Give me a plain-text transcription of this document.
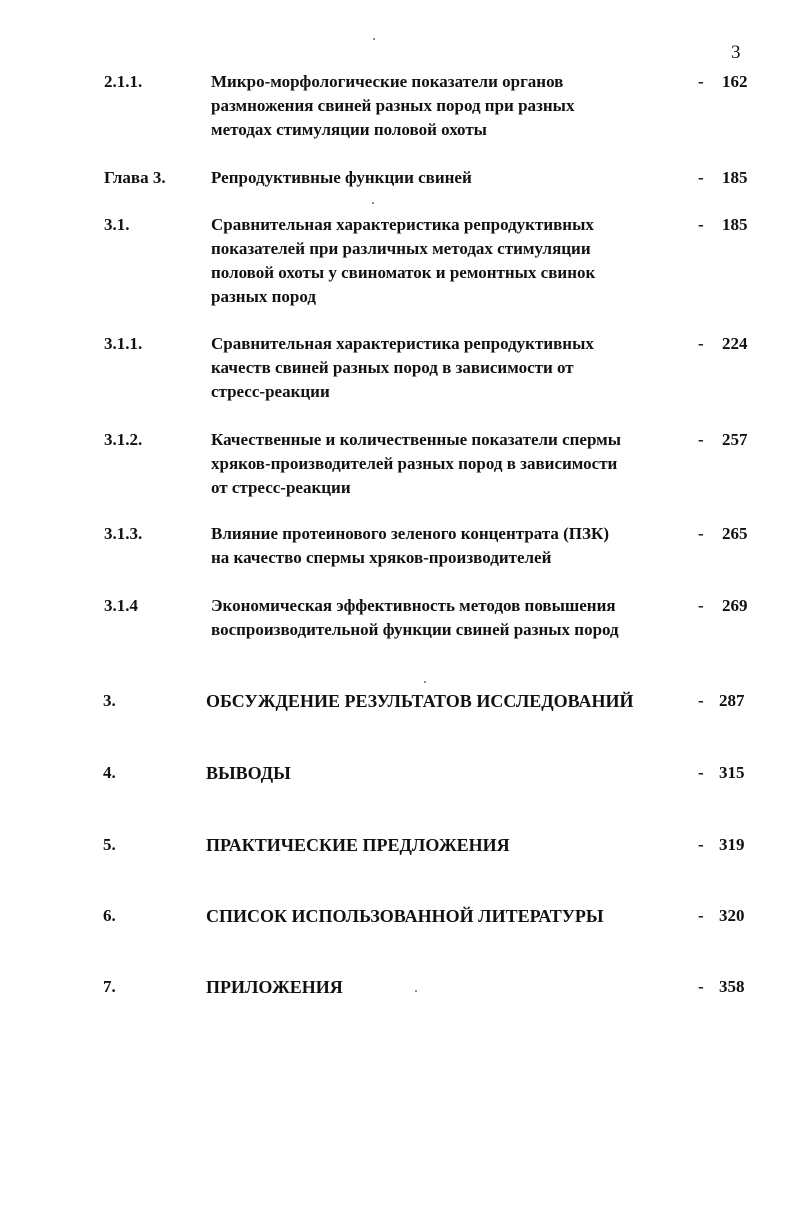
3
2.1.1.	Микро-морфологические показатели органов
размножения свиней разных пород при разных
методах стимуляции половой охоты
- 162
Глава 3.	Репродуктивные функции свиней	- 185
3.1.	Сравнительная характеристика репродуктивных
показателей при различных методах стимуляции
половой охоты у свиноматок и ремонтных свинок
разных пород
- 185
3.1.1.	Сравнительная характеристика репродуктивных
качеств свиней разных пород в зависимости от
стресс-реакции
- 224
3.1.2.	Качественные и количественные показатели спермы
хряков-производителей разных пород в зависимости
от стресс-реакции
- 257
3.1.3.	Влияние протеинового зеленого концентрата (ПЗК)
на качество спермы хряков-производителей
- 265
3.1.4	Экономическая эффективность методов повышения
воспроизводительной функции свиней разных пород
- 269
3.	ОБСУЖДЕНИЕ РЕЗУЛЬТАТОВ ИССЛЕДОВАНИЙ	- 287
4.	ВЫВОДЫ	- 315
5.	ПРАКТИЧЕСКИЕ ПРЕДЛОЖЕНИЯ	- 319
6.	СПИСОК ИСПОЛЬЗОВАННОЙ ЛИТЕРАТУРЫ	- 320
7.	ПРИЛОЖЕНИЯ	- 358
